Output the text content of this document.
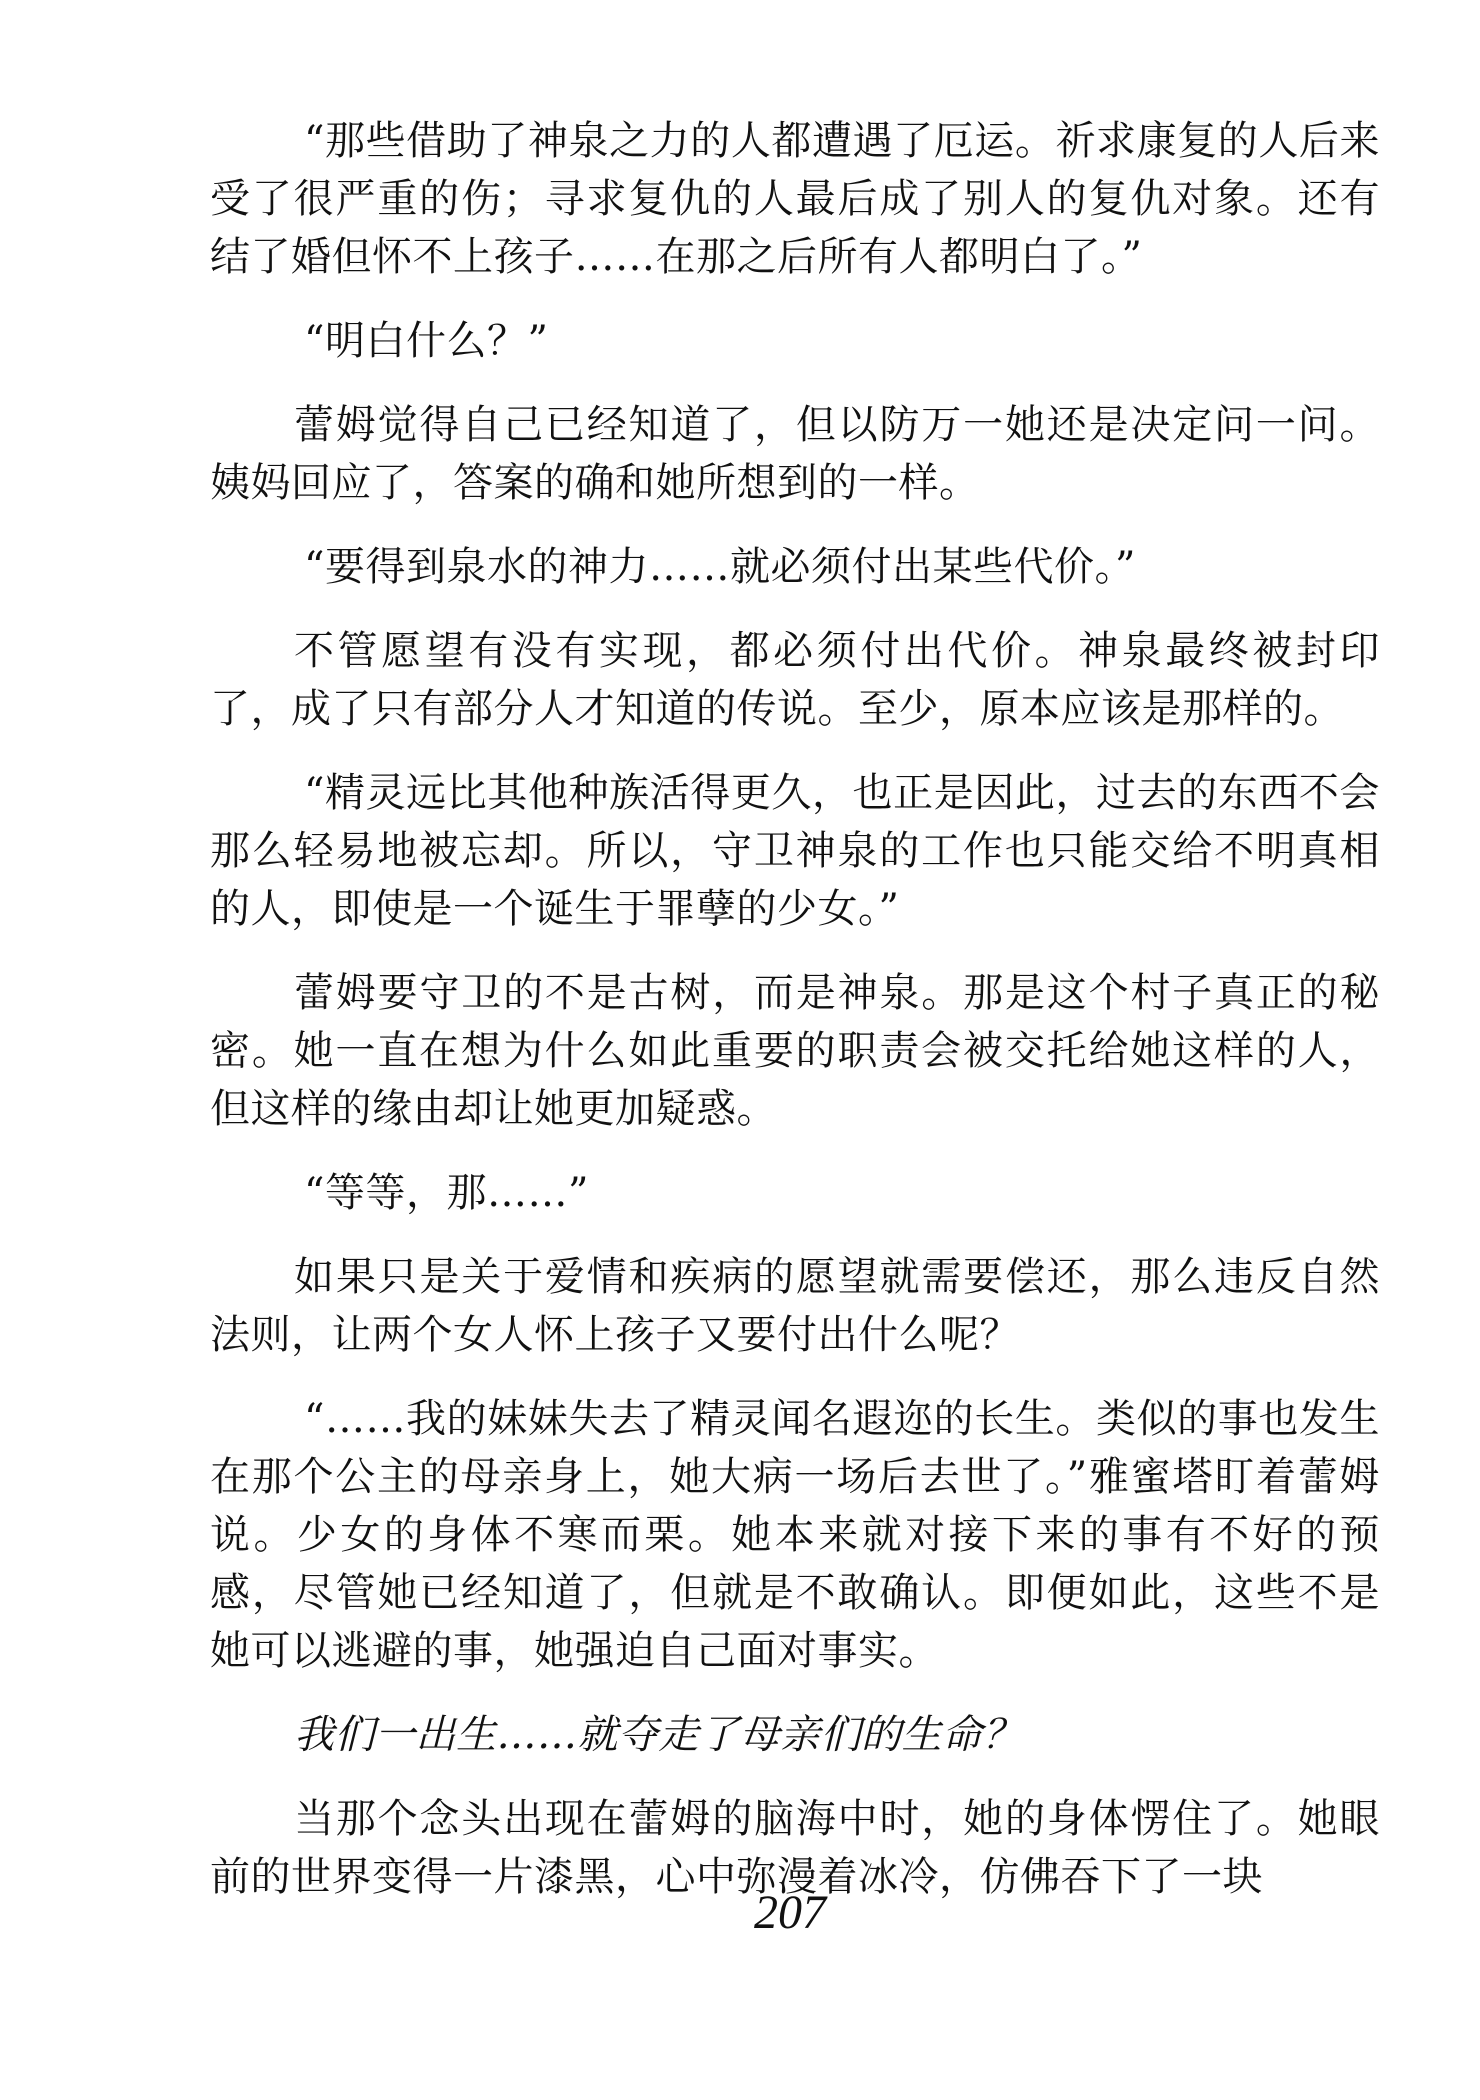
“那些借助了神泉之力的人都遭遇了厄运。祈求康复的人后来受了很严重的伤；寻求复仇的人最后成了别人的复仇对象。还有结了婚但怀不上孩子……在那之后所有人都明白了。”

“明白什么？”

蕾姆觉得自己已经知道了，但以防万一她还是决定问一问。姨妈回应了，答案的确和她所想到的一样。

“要得到泉水的神力……就必须付出某些代价。”

不管愿望有没有实现，都必须付出代价。神泉最终被封印了，成了只有部分人才知道的传说。至少，原本应该是那样的。

“精灵远比其他种族活得更久，也正是因此，过去的东西不会那么轻易地被忘却。所以，守卫神泉的工作也只能交给不明真相的人，即使是一个诞生于罪孽的少女。”

蕾姆要守卫的不是古树，而是神泉。那是这个村子真正的秘密。她一直在想为什么如此重要的职责会被交托给她这样的人，但这样的缘由却让她更加疑惑。

“等等，那……”

如果只是关于爱情和疾病的愿望就需要偿还，那么违反自然法则，让两个女人怀上孩子又要付出什么呢？

“……我的妹妹失去了精灵闻名遐迩的长生。类似的事也发生在那个公主的母亲身上，她大病一场后去世了。”雅蜜塔盯着蕾姆说。少女的身体不寒而栗。她本来就对接下来的事有不好的预感，尽管她已经知道了，但就是不敢确认。即便如此，这些不是她可以逃避的事，她强迫自己面对事实。

我们一出生……就夺走了母亲们的生命？

当那个念头出现在蕾姆的脑海中时，她的身体愣住了。她眼前的世界变得一片漆黑，心中弥漫着冰冷，仿佛吞下了一块

207
